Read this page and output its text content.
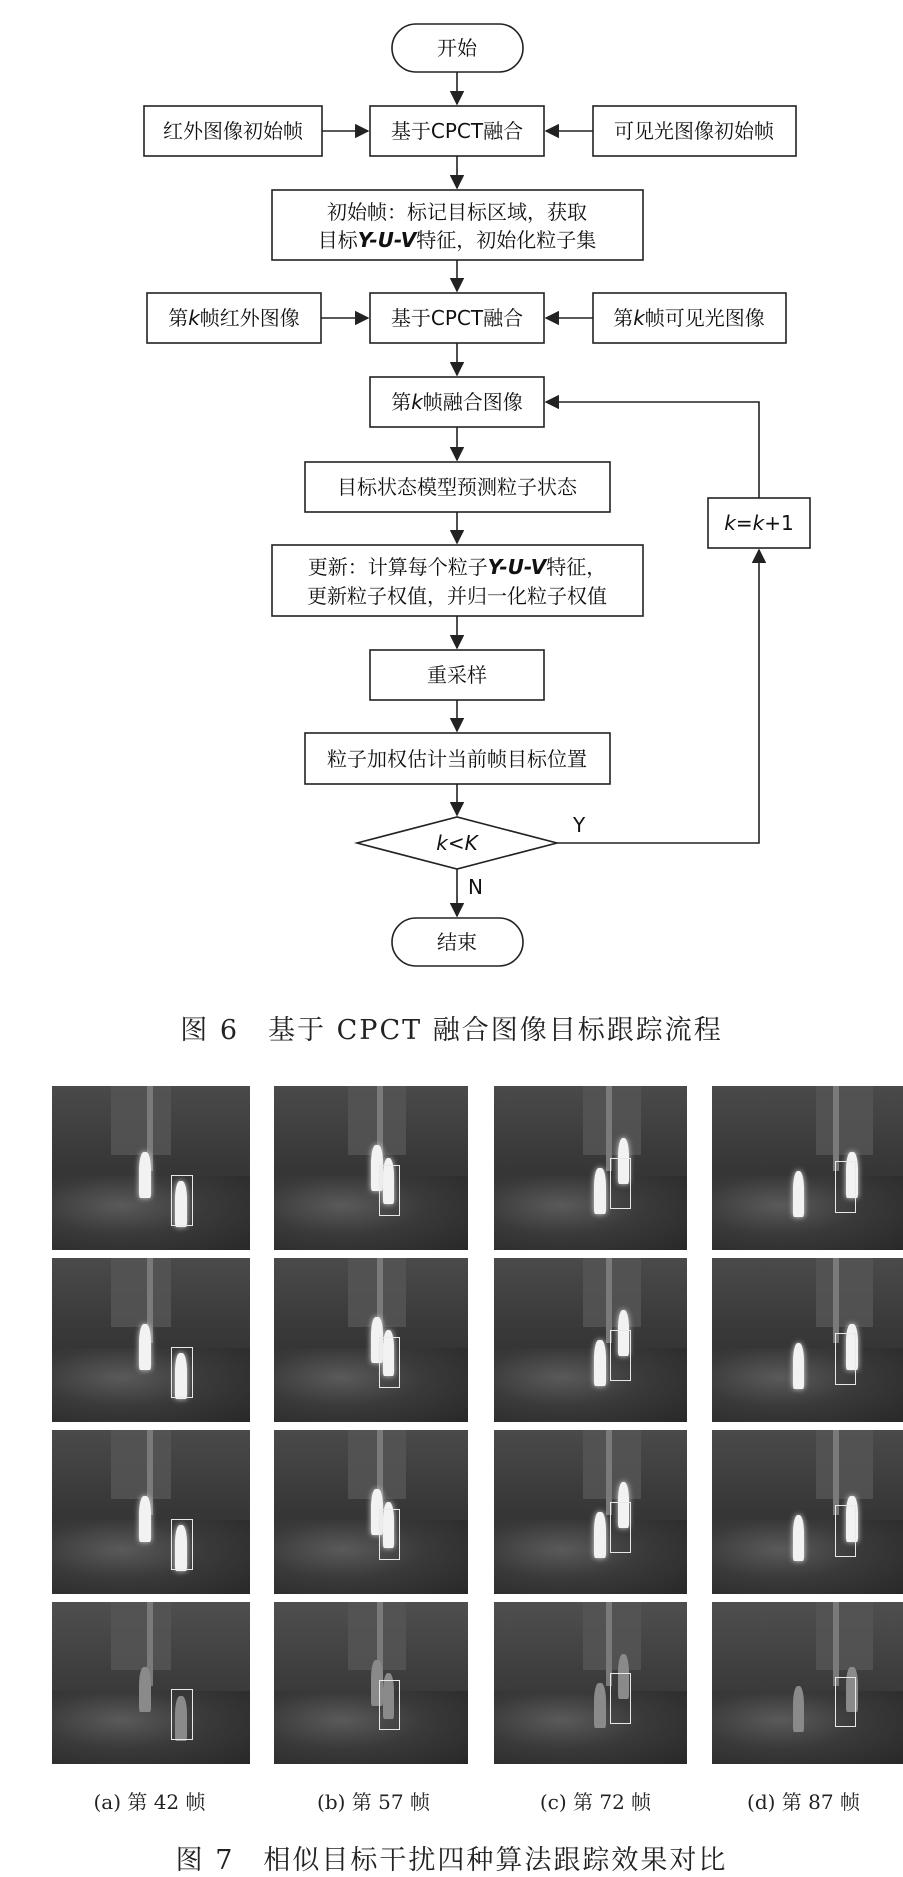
开始
红外图像初始帧	基于CPCT融合	可见光图像初始帧
初始帧：标记目标区域，获取
目标Y-U-V特征，初始化粒子集
第k帧红外图像	基于CPCT融合	第k帧可见光图像
第k帧融合图像
目标状态模型预测粒子状态
更新：计算每个粒子Y-U-V特征，
更新粒子权值，并归一化粒子权值
重采样
粒子加权估计当前帧目标位置
k<K
k=k+1
结束
Y
N
图 6　基于 CPCT 融合图像目标跟踪流程
(a) 第 42 帧	(b) 第 57 帧	(c) 第 72 帧	(d) 第 87 帧
图 7　相似目标干扰四种算法跟踪效果对比
